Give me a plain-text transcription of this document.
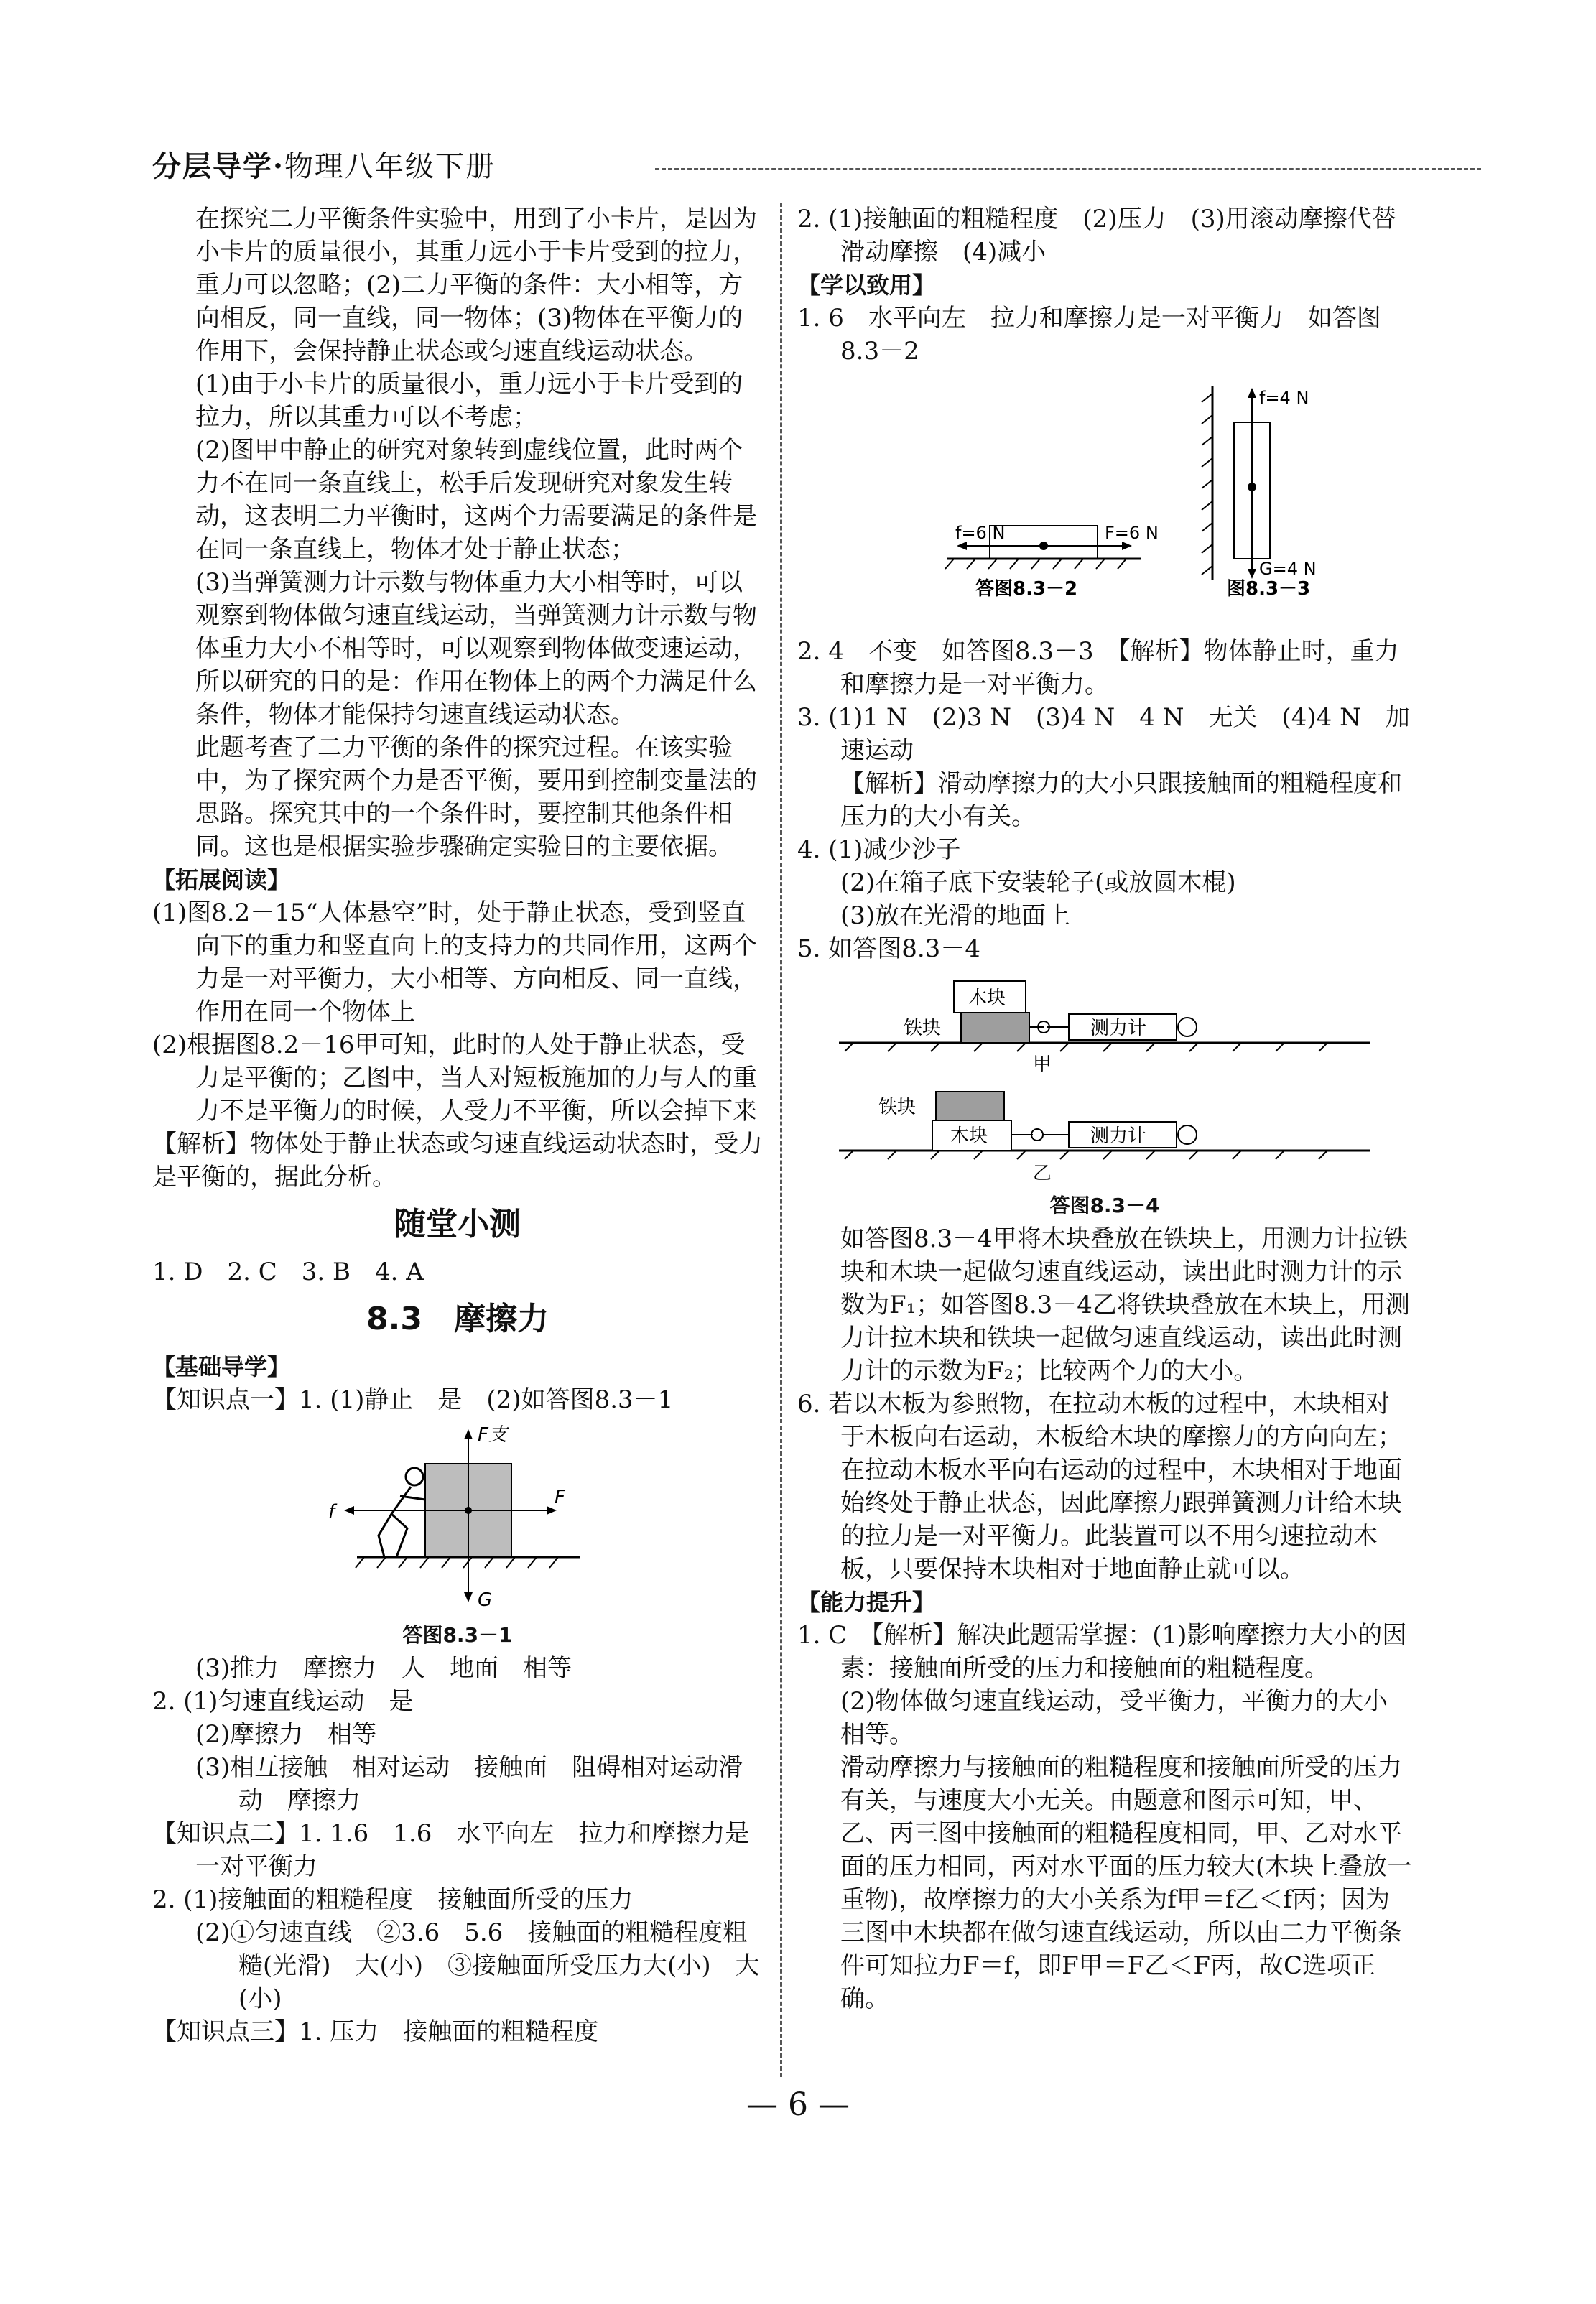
分层导学·物理八年级下册

在探究二力平衡条件实验中，用到了小卡片，是因为小卡片的质量很小，其重力远小于卡片受到的拉力，重力可以忽略；(2)二力平衡的条件：大小相等，方向相反，同一直线，同一物体；(3)物体在平衡力的作用下，会保持静止状态或匀速直线运动状态。

(1)由于小卡片的质量很小，重力远小于卡片受到的拉力，所以其重力可以不考虑；

(2)图甲中静止的研究对象转到虚线位置，此时两个力不在同一条直线上，松手后发现研究对象发生转动，这表明二力平衡时，这两个力需要满足的条件是在同一条直线上，物体才处于静止状态；

(3)当弹簧测力计示数与物体重力大小相等时，可以观察到物体做匀速直线运动，当弹簧测力计示数与物体重力大小不相等时，可以观察到物体做变速运动，所以研究的目的是：作用在物体上的两个力满足什么条件，物体才能保持匀速直线运动状态。

此题考查了二力平衡的条件的探究过程。在该实验中，为了探究两个力是否平衡，要用到控制变量法的思路。探究其中的一个条件时，要控制其他条件相同。这也是根据实验步骤确定实验目的主要依据。

【拓展阅读】

(1)图8.2－15“人体悬空”时，处于静止状态，受到竖直向下的重力和竖直向上的支持力的共同作用，这两个力是一对平衡力，大小相等、方向相反、同一直线，作用在同一个物体上

(2)根据图8.2－16甲可知，此时的人处于静止状态，受力是平衡的；乙图中，当人对短板施加的力与人的重力不是平衡力的时候，人受力不平衡，所以会掉下来

【解析】物体处于静止状态或匀速直线运动状态时，受力是平衡的，据此分析。

随堂小测

1. D　2. C　3. B　4. A

8.3　摩擦力

【基础导学】

【知识点一】1. (1)静止　是　(2)如答图8.3－1

F支
F
f
G

答图8.3－1

(3)推力　摩擦力　人　地面　相等

2. (1)匀速直线运动　是

(2)摩擦力　相等

(3)相互接触　相对运动　接触面　阻碍相对运动滑动　摩擦力

【知识点二】1. 1.6　1.6　水平向左　拉力和摩擦力是一对平衡力

2. (1)接触面的粗糙程度　接触面所受的压力

(2)①匀速直线　②3.6　5.6　接触面的粗糙程度粗糙(光滑)　大(小)　③接触面所受压力大(小)　大(小)

【知识点三】1. 压力　接触面的粗糙程度

2. (1)接触面的粗糙程度　(2)压力　(3)用滚动摩擦代替滑动摩擦　(4)减小

【学以致用】

1. 6　水平向左　拉力和摩擦力是一对平衡力　如答图8.3－2

f=6 N	F=6 N
答图8.3－2
f=4 N
G=4 N
图8.3－3

2. 4　不变　如答图8.3－3　【解析】物体静止时，重力和摩擦力是一对平衡力。

3. (1)1 N　(2)3 N　(3)4 N　4 N　无关　(4)4 N　加速运动

【解析】滑动摩擦力的大小只跟接触面的粗糙程度和压力的大小有关。

4. (1)减少沙子

(2)在箱子底下安装轮子(或放圆木棍)

(3)放在光滑的地面上

5. 如答图8.3－4

木块
铁块	测力计
甲
木块
铁块
测力计
乙

答图8.3－4

如答图8.3－4甲将木块叠放在铁块上，用测力计拉铁块和木块一起做匀速直线运动，读出此时测力计的示数为F₁；如答图8.3－4乙将铁块叠放在木块上，用测力计拉木块和铁块一起做匀速直线运动，读出此时测力计的示数为F₂；比较两个力的大小。

6. 若以木板为参照物，在拉动木板的过程中，木块相对于木板向右运动，木板给木块的摩擦力的方向向左；在拉动木板水平向右运动的过程中，木块相对于地面始终处于静止状态，因此摩擦力跟弹簧测力计给木块的拉力是一对平衡力。此装置可以不用匀速拉动木板，只要保持木块相对于地面静止就可以。

【能力提升】

1. C　【解析】解决此题需掌握：(1)影响摩擦力大小的因素：接触面所受的压力和接触面的粗糙程度。

(2)物体做匀速直线运动，受平衡力，平衡力的大小相等。

滑动摩擦力与接触面的粗糙程度和接触面所受的压力有关，与速度大小无关。由题意和图示可知，甲、乙、丙三图中接触面的粗糙程度相同，甲、乙对水平面的压力相同，丙对水平面的压力较大(木块上叠放一重物)，故摩擦力的大小关系为f甲＝f乙＜f丙；因为三图中木块都在做匀速直线运动，所以由二力平衡条件可知拉力F＝f，即F甲＝F乙＜F丙，故C选项正确。

— 6 —
